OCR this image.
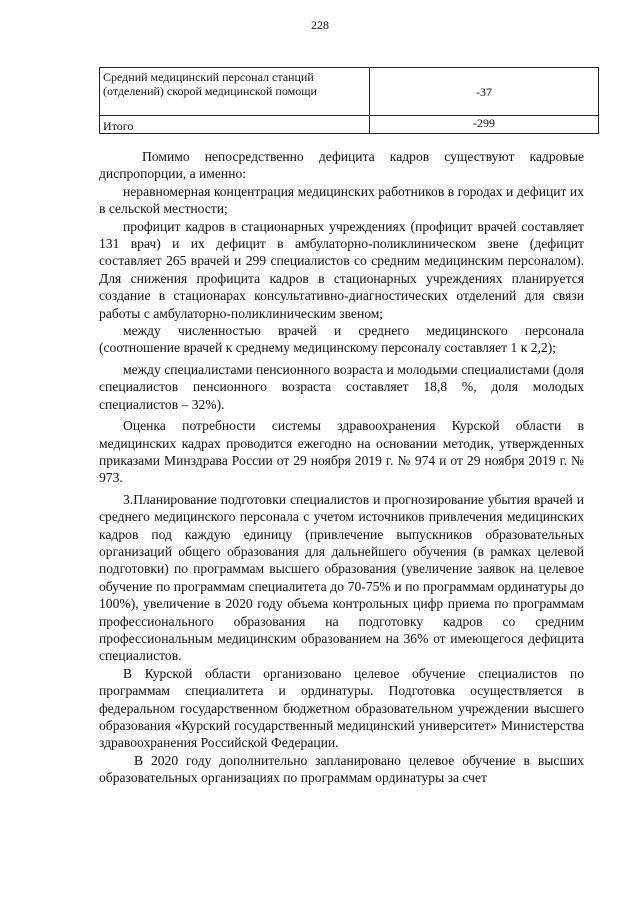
228
Средний медицинский персонал станций (отделений) скорой медицинской помощи	-37
Итого	-299

Помимо непосредственно дефицита кадров существуют кадровые диспропорции, а именно:

неравномерная концентрация медицинских работников в городах и дефицит их в сельской местности;

профицит кадров в стационарных учреждениях (профицит врачей составляет 131 врач) и их дефицит в амбулаторно-поликлиническом звене (дефицит составляет 265 врачей и 299 специалистов со средним медицинским персоналом). Для снижения профицита кадров в стационарных учреждениях планируется создание в стационарах консультативно-диагностических отделений для связи работы с амбулаторно-поликлиническим звеном;

между численностью врачей и среднего медицинского персонала (соотношение врачей к среднему медицинскому персоналу составляет 1 к 2,2);

между специалистами пенсионного возраста и молодыми специалистами (доля специалистов пенсионного возраста составляет 18,8 %, доля молодых специалистов – 32%).

Оценка потребности системы здравоохранения Курской области в медицинских кадрах проводится ежегодно на основании методик, утвержденных приказами Минздрава России от 29 ноября 2019 г. № 974 и от 29 ноября 2019 г. № 973.

3.Планирование подготовки специалистов и прогнозирование убытия врачей и среднего медицинского персонала с учетом источников привлечения медицинских кадров под каждую единицу (привлечение выпускников образовательных организаций общего образования для дальнейшего обучения (в рамках целевой подготовки) по программам высшего образования (увеличение заявок на целевое обучение по программам специалитета до 70-75% и по программам ординатуры до 100%), увеличение в 2020 году объема контрольных цифр приема по программам профессионального образования на подготовку кадров со средним профессиональным медицинским образованием на 36% от имеющегося дефицита специалистов.

В Курской области организовано целевое обучение специалистов по программам специалитета и ординатуры. Подготовка осуществляется в федеральном государственном бюджетном образовательном учреждении высшего образования «Курский государственный медицинский университет» Министерства здравоохранения Российской Федерации.

В 2020 году дополнительно запланировано целевое обучение в высших образовательных организациях по программам ординатуры за счет
